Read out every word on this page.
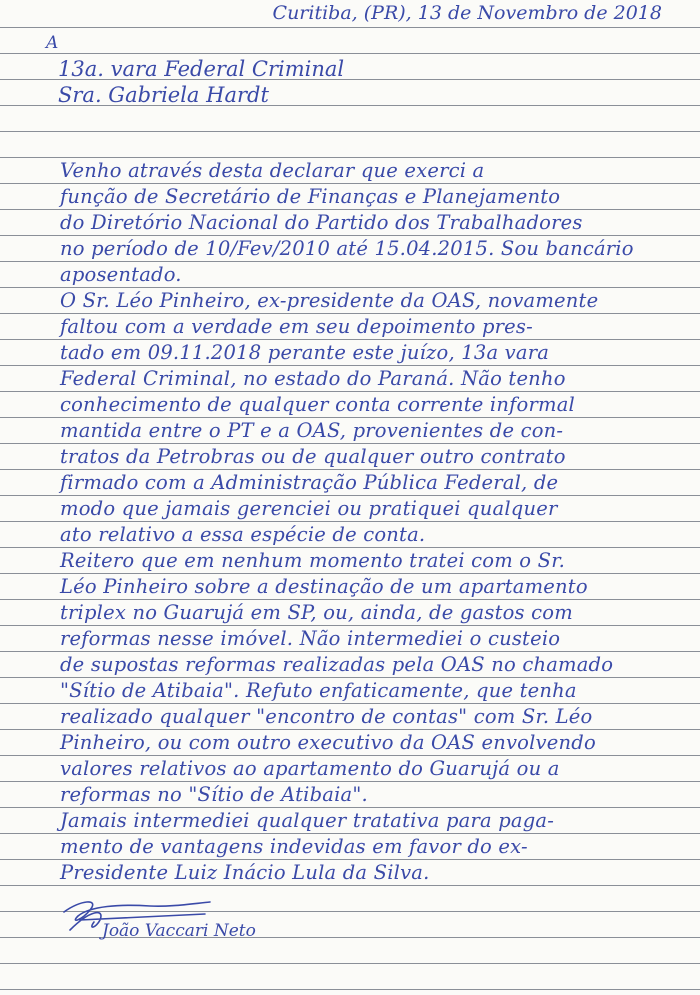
Curitiba, (PR), 13 de Novembro de 2018
A
13a. vara Federal Criminal
Sra. Gabriela Hardt
Venho através desta declarar que exerci a
função de Secretário de Finanças e Planejamento
do Diretório Nacional do Partido dos Trabalhadores
no período de 10/Fev/2010 até 15.04.2015. Sou bancário
aposentado.
O Sr. Léo Pinheiro, ex-presidente da OAS, novamente
faltou com a verdade em seu depoimento pres-
tado em 09.11.2018 perante este juízo, 13a vara
Federal Criminal, no estado do Paraná. Não tenho
conhecimento de qualquer conta corrente informal
mantida entre o PT e a OAS, provenientes de con-
tratos da Petrobras ou de qualquer outro contrato
firmado com a Administração Pública Federal, de
modo que jamais gerenciei ou pratiquei qualquer
ato relativo a essa espécie de conta.
Reitero que em nenhum momento tratei com o Sr.
Léo Pinheiro sobre a destinação de um apartamento
triplex no Guarujá em SP, ou, ainda, de gastos com
reformas nesse imóvel. Não intermediei o custeio
de supostas reformas realizadas pela OAS no chamado
"Sítio de Atibaia". Refuto enfaticamente, que tenha
realizado qualquer "encontro de contas" com Sr. Léo
Pinheiro, ou com outro executivo da OAS envolvendo
valores relativos ao apartamento do Guarujá ou a
reformas no "Sítio de Atibaia".
Jamais intermediei qualquer tratativa para paga-
mento de vantagens indevidas em favor do ex-
Presidente Luiz Inácio Lula da Silva.
João Vaccari Neto
